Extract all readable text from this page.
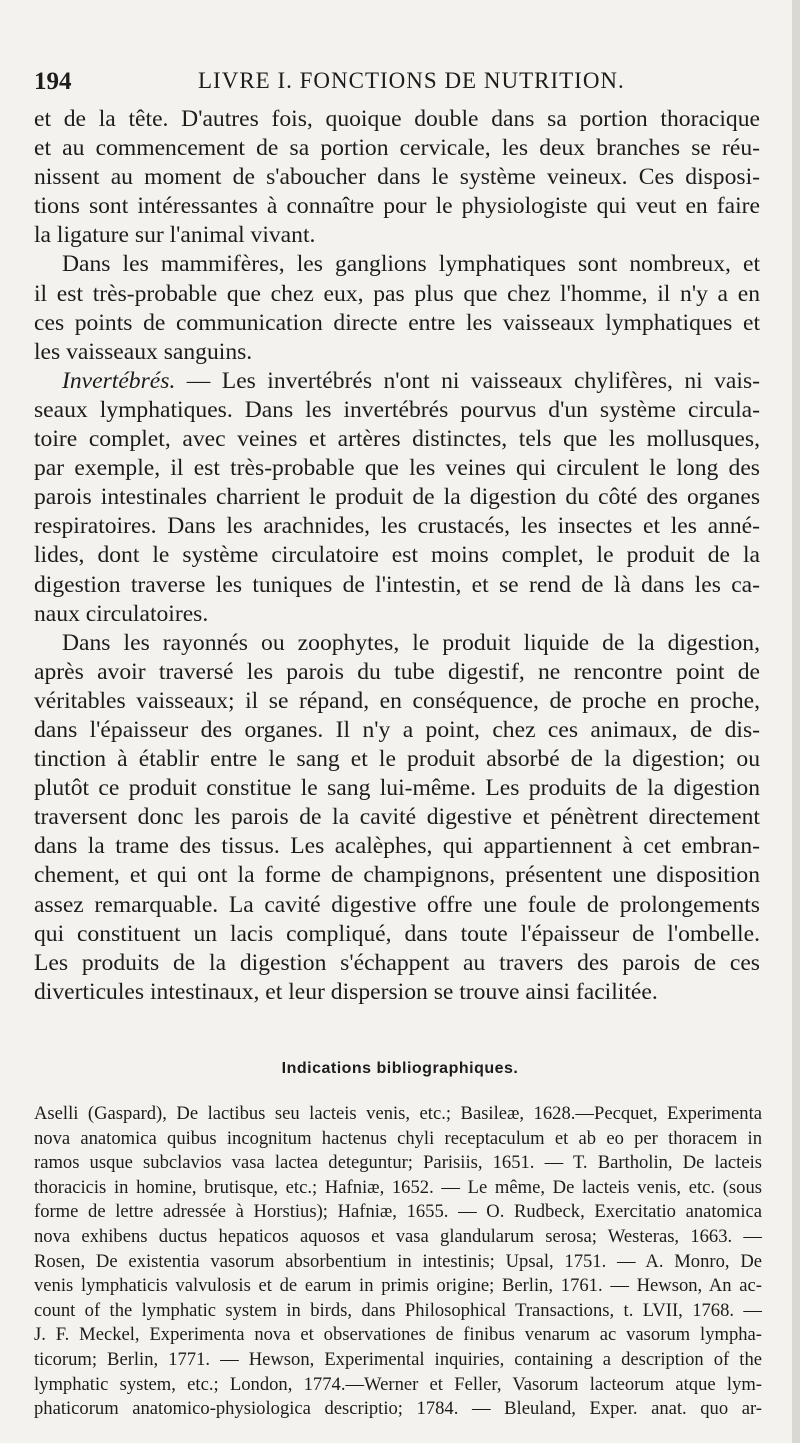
194	LIVRE I. FONCTIONS DE NUTRITION.

et de la tête. D'autres fois, quoique double dans sa portion thoracique
et au commencement de sa portion cervicale, les deux branches se réu-
nissent au moment de s'aboucher dans le système veineux. Ces disposi-
tions sont intéressantes à connaître pour le physiologiste qui veut en faire
la ligature sur l'animal vivant.

Dans les mammifères, les ganglions lymphatiques sont nombreux, et
il est très-probable que chez eux, pas plus que chez l'homme, il n'y a en
ces points de communication directe entre les vaisseaux lymphatiques et
les vaisseaux sanguins.

Invertébrés. — Les invertébrés n'ont ni vaisseaux chylifères, ni vais-
seaux lymphatiques. Dans les invertébrés pourvus d'un système circula-
toire complet, avec veines et artères distinctes, tels que les mollusques,
par exemple, il est très-probable que les veines qui circulent le long des
parois intestinales charrient le produit de la digestion du côté des organes
respiratoires. Dans les arachnides, les crustacés, les insectes et les anné-
lides, dont le système circulatoire est moins complet, le produit de la
digestion traverse les tuniques de l'intestin, et se rend de là dans les ca-
naux circulatoires.

Dans les rayonnés ou zoophytes, le produit liquide de la digestion,
après avoir traversé les parois du tube digestif, ne rencontre point de
véritables vaisseaux; il se répand, en conséquence, de proche en proche,
dans l'épaisseur des organes. Il n'y a point, chez ces animaux, de dis-
tinction à établir entre le sang et le produit absorbé de la digestion; ou
plutôt ce produit constitue le sang lui-même. Les produits de la digestion
traversent donc les parois de la cavité digestive et pénètrent directement
dans la trame des tissus. Les acalèphes, qui appartiennent à cet embran-
chement, et qui ont la forme de champignons, présentent une disposition
assez remarquable. La cavité digestive offre une foule de prolongements
qui constituent un lacis compliqué, dans toute l'épaisseur de l'ombelle.
Les produits de la digestion s'échappent au travers des parois de ces
diverticules intestinaux, et leur dispersion se trouve ainsi facilitée.

Indications bibliographiques.
Aselli (Gaspard), De lactibus seu lacteis venis, etc.; Basileæ, 1628.—Pecquet, Experimenta
nova anatomica quibus incognitum hactenus chyli receptaculum et ab eo per thoracem in
ramos usque subclavios vasa lactea deteguntur; Parisiis, 1651. — T. Bartholin, De lacteis
thoracicis in homine, brutisque, etc.; Hafniæ, 1652. — Le même, De lacteis venis, etc. (sous
forme de lettre adressée à Horstius); Hafniæ, 1655. — O. Rudbeck, Exercitatio anatomica
nova exhibens ductus hepaticos aquosos et vasa glandularum serosa; Westeras, 1663. —
Rosen, De existentia vasorum absorbentium in intestinis; Upsal, 1751. — A. Monro, De
venis lymphaticis valvulosis et de earum in primis origine; Berlin, 1761. — Hewson, An ac-
count of the lymphatic system in birds, dans Philosophical Transactions, t. LVII, 1768. —
J. F. Meckel, Experimenta nova et observationes de finibus venarum ac vasorum lympha-
ticorum; Berlin, 1771. — Hewson, Experimental inquiries, containing a description of the
lymphatic system, etc.; London, 1774.—Werner et Feller, Vasorum lacteorum atque lym-
phaticorum anatomico-physiologica descriptio; 1784. — Bleuland, Exper. anat. quo ar-
